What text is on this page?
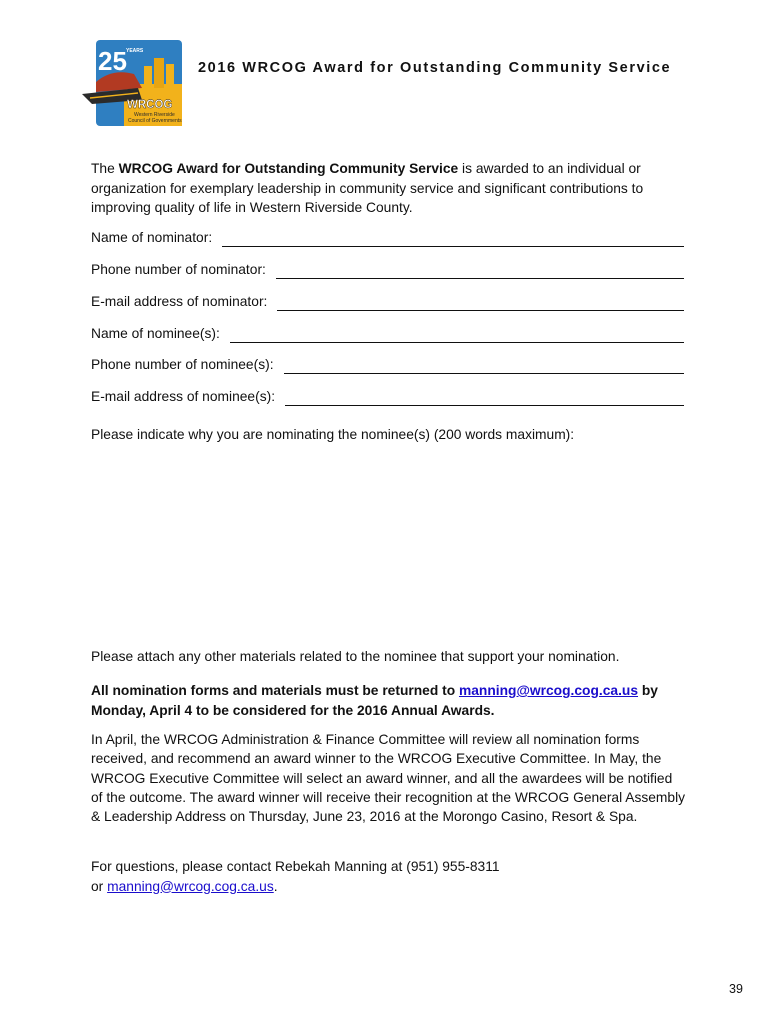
25 YEARS
WRCOG
Western Riverside
Council of Governments
2016 WRCOG Award for Outstanding Community Service

The WRCOG Award for Outstanding Community Service is awarded to an individual or organization for exemplary leadership in community service and significant contributions to improving quality of life in Western Riverside County.

Name of nominator:
Phone number of nominator:
E-mail address of nominator:
Name of nominee(s):
Phone number of nominee(s):
E-mail address of nominee(s):
Please indicate why you are nominating the nominee(s) (200 words maximum):
Please attach any other materials related to the nominee that support your nomination.

All nomination forms and materials must be returned to manning@wrcog.cog.ca.us by Monday, April 4 to be considered for the 2016 Annual Awards.

In April, the WRCOG Administration & Finance Committee will review all nomination forms received, and recommend an award winner to the WRCOG Executive Committee. In May, the WRCOG Executive Committee will select an award winner, and all the awardees will be notified of the outcome. The award winner will receive their recognition at the WRCOG General Assembly & Leadership Address on Thursday, June 23, 2016 at the Morongo Casino, Resort & Spa.

For questions, please contact Rebekah Manning at (951) 955-8311
or manning@wrcog.cog.ca.us.

39
